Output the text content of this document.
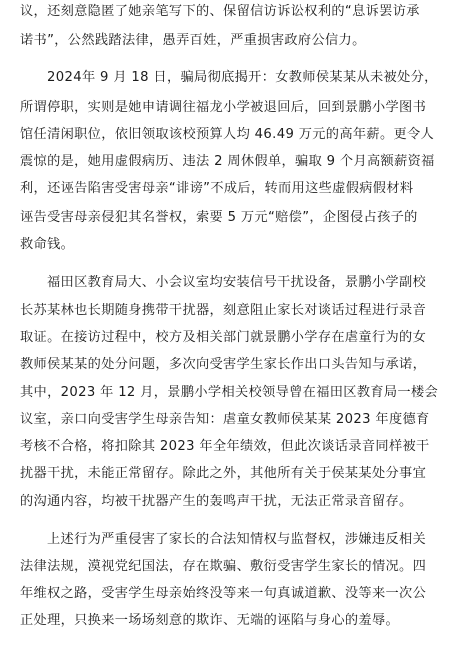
议，还刻意隐匿了她亲笔写下的、保留信访诉讼权利的“息诉罢访承
诺书”，公然践踏法律，愚弄百姓，严重损害政府公信力。
2024年 9 月 18 日，骗局彻底揭开：女教师侯某某从未被处分，
所谓停职，实则是她申请调往福龙小学被退回后，回到景鹏小学图书
馆任清闲职位，依旧领取该校预算人均 46.49 万元的高年薪。更令人
震惊的是，她用虚假病历、违法 2 周休假单，骗取 9 个月高额薪资福
利，还诬告陷害受害母亲“诽谤”不成后，转而用这些虚假病假材料
诬告受害母亲侵犯其名誉权，索要 5 万元“赔偿”，企图侵占孩子的
救命钱。
福田区教育局大、小会议室均安装信号干扰设备，景鹏小学副校
长苏某林也长期随身携带干扰器，刻意阻止家长对谈话过程进行录音
取证。在接访过程中，校方及相关部门就景鹏小学存在虐童行为的女
教师侯某某的处分问题，多次向受害学生家长作出口头告知与承诺，
其中，2023 年 12 月，景鹏小学相关校领导曾在福田区教育局一楼会
议室，亲口向受害学生母亲告知：虐童女教师侯某某 2023 年度德育
考核不合格，将扣除其 2023 年全年绩效，但此次谈话录音同样被干
扰器干扰，未能正常留存。除此之外，其他所有关于侯某某处分事宜
的沟通内容，均被干扰器产生的轰鸣声干扰，无法正常录音留存。
上述行为严重侵害了家长的合法知情权与监督权，涉嫌违反相关
法律法规，漠视党纪国法，存在欺骗、敷衍受害学生家长的情况。四
年维权之路，受害学生母亲始终没等来一句真诚道歉、没等来一次公
正处理，只换来一场场刻意的欺诈、无端的诬陷与身心的羞辱。
